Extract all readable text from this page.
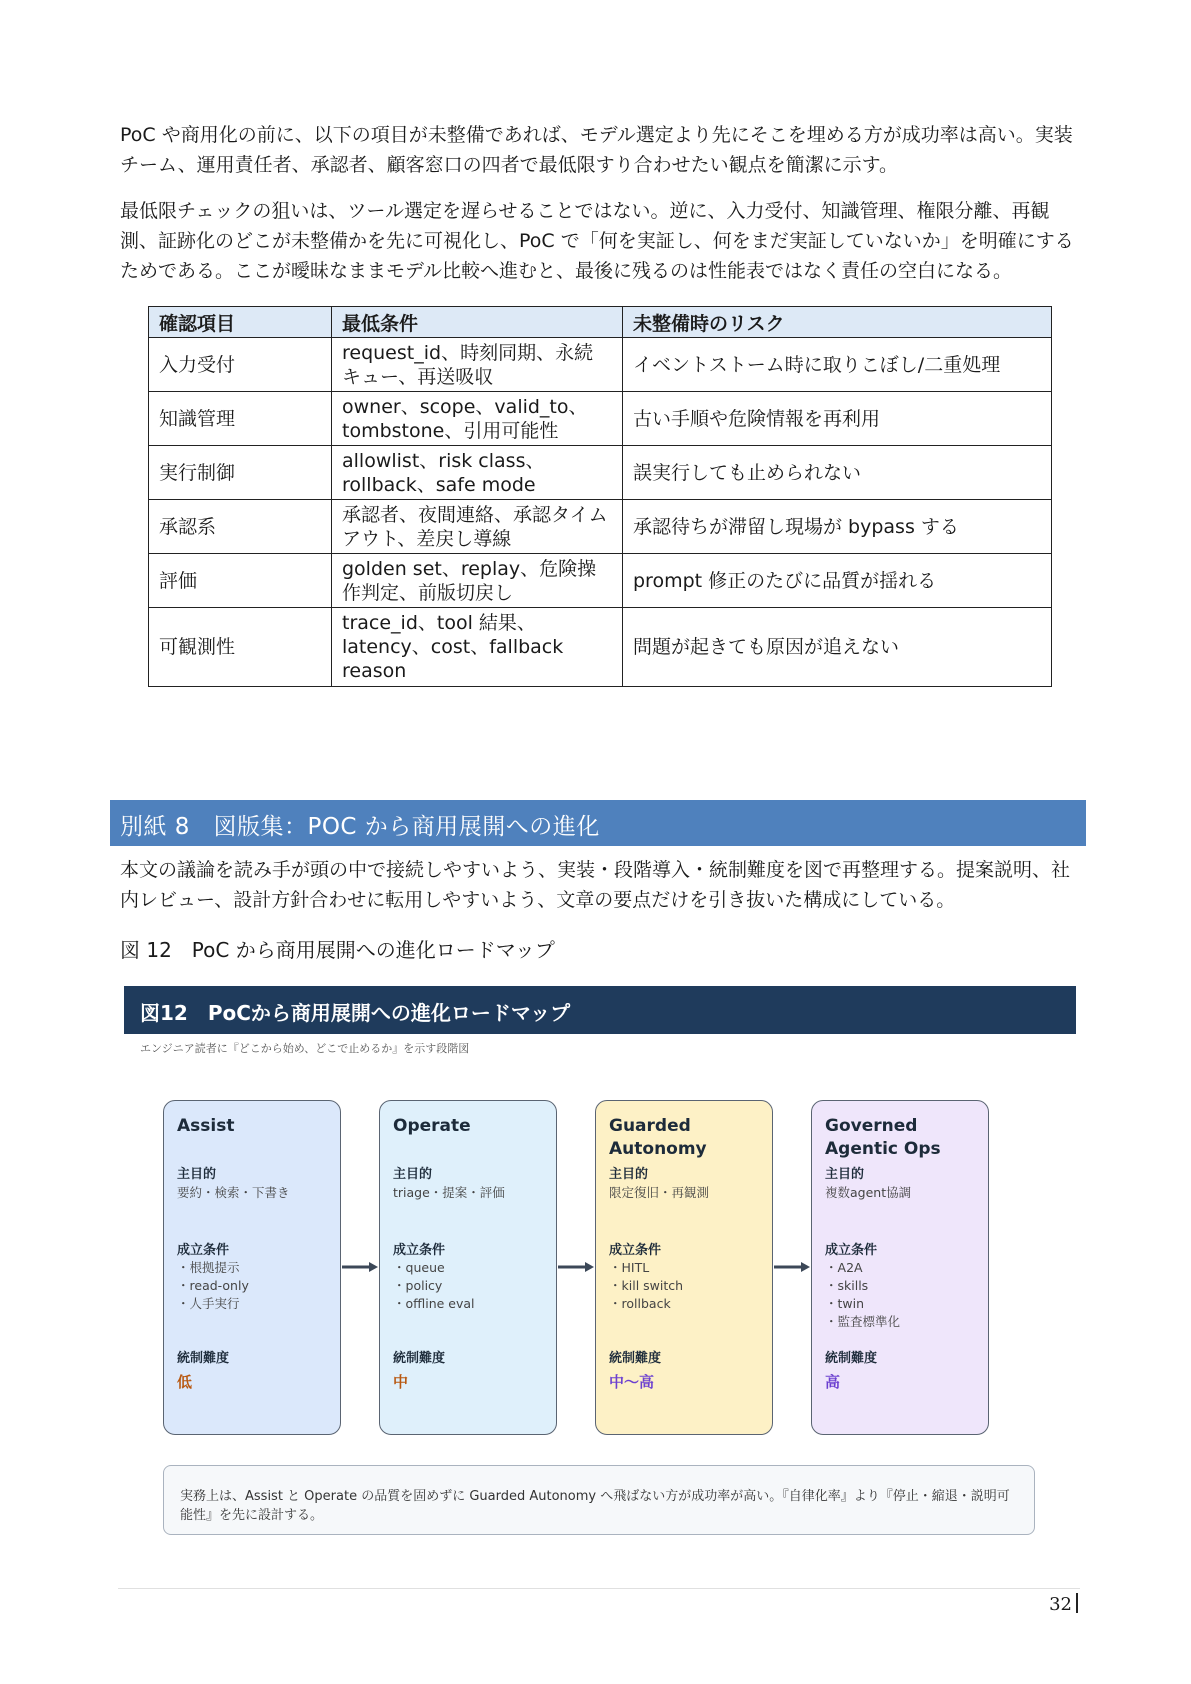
PoC や商用化の前に、以下の項目が未整備であれば、モデル選定より先にそこを埋める方が成功率は高い。実装チーム、運用責任者、承認者、顧客窓口の四者で最低限すり合わせたい観点を簡潔に示す。

最低限チェックの狙いは、ツール選定を遅らせることではない。逆に、入力受付、知識管理、権限分離、再観測、証跡化のどこが未整備かを先に可視化し、PoC で「何を実証し、何をまだ実証していないか」を明確にするためである。ここが曖昧なままモデル比較へ進むと、最後に残るのは性能表ではなく責任の空白になる。

確認項目	最低条件	未整備時のリスク
入力受付	request_id、時刻同期、永続キュー、再送吸収	イベントストーム時に取りこぼし/二重処理
知識管理	owner、scope、valid_to、tombstone、引用可能性	古い手順や危険情報を再利用
実行制御	allowlist、risk class、rollback、safe mode	誤実行しても止められない
承認系	承認者、夜間連絡、承認タイムアウト、差戻し導線	承認待ちが滞留し現場が bypass する
評価	golden set、replay、危険操作判定、前版切戻し	prompt 修正のたびに品質が揺れる
可観測性	trace_id、tool 結果、latency、cost、fallback reason	問題が起きても原因が追えない
別紙 8　図版集：POC から商用展開への進化

本文の議論を読み手が頭の中で接続しやすいよう、実装・段階導入・統制難度を図で再整理する。提案説明、社内レビュー、設計方針合わせに転用しやすいよう、文章の要点だけを引き抜いた構成にしている。

図 12　PoC から商用展開への進化ロードマップ
図12　PoCから商用展開への進化ロードマップ
エンジニア読者に『どこから始め、どこで止めるか』を示す段階図
Assist
主目的
要約・検索・下書き
成立条件
・ 根拠提示
・ read-only
・ 人手実行
統制難度
低
Operate
主目的
triage・提案・評価
成立条件
・ queue
・ policy
・ offline eval
統制難度
中
Guarded Autonomy
主目的
限定復旧・再観測
成立条件
・ HITL
・ kill switch
・ rollback
統制難度
中〜高
Governed Agentic Ops
主目的
複数agent協調
成立条件
・ A2A
・ skills
・ twin
・ 監査標準化
統制難度
高
実務上は、Assist と Operate の品質を固めずに Guarded Autonomy へ飛ばない方が成功率が高い。『自律化率』より『停止・縮退・説明可能性』を先に設計する。
32
